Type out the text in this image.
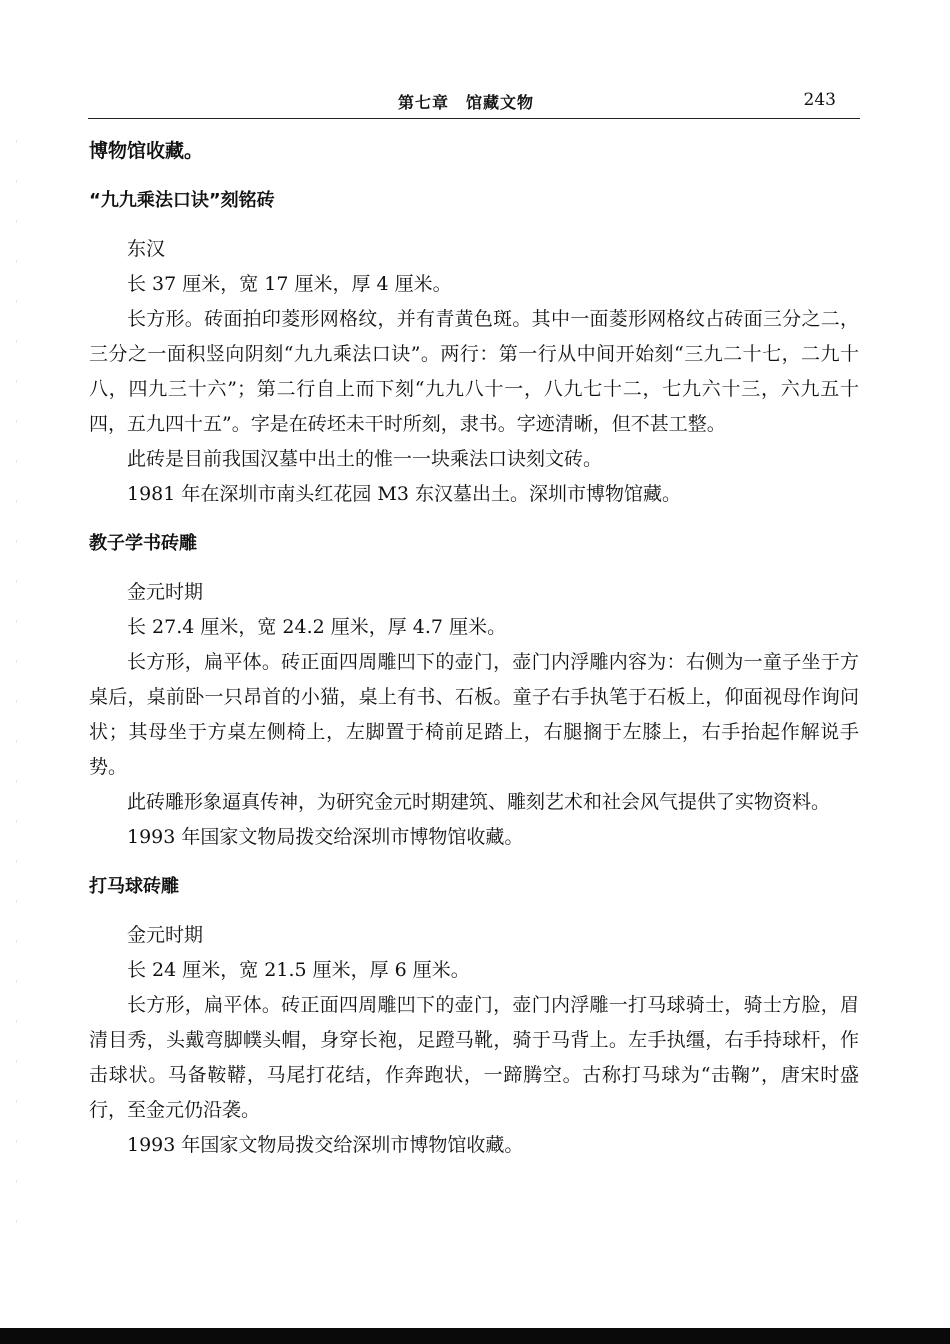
第七章　馆藏文物	243

博物馆收藏。

“九九乘法口诀”刻铭砖

东汉

长 37 厘米，宽 17 厘米，厚 4 厘米。

长方形。砖面拍印菱形网格纹，并有青黄色斑。其中一面菱形网格纹占砖面三分之二，三分之一面积竖向阴刻“九九乘法口诀”。两行：第一行从中间开始刻“三九二十七，二九十八，四九三十六”；第二行自上而下刻“九九八十一，八九七十二，七九六十三，六九五十四，五九四十五”。字是在砖坯未干时所刻，隶书。字迹清晰，但不甚工整。

此砖是目前我国汉墓中出土的惟一一块乘法口诀刻文砖。

1981 年在深圳市南头红花园 M3 东汉墓出土。深圳市博物馆藏。

教子学书砖雕

金元时期

长 27.4 厘米，宽 24.2 厘米，厚 4.7 厘米。

长方形，扁平体。砖正面四周雕凹下的壶门，壶门内浮雕内容为：右侧为一童子坐于方桌后，桌前卧一只昂首的小猫，桌上有书、石板。童子右手执笔于石板上，仰面视母作询问状；其母坐于方桌左侧椅上，左脚置于椅前足踏上，右腿搁于左膝上，右手抬起作解说手势。

此砖雕形象逼真传神，为研究金元时期建筑、雕刻艺术和社会风气提供了实物资料。

1993 年国家文物局拨交给深圳市博物馆收藏。

打马球砖雕

金元时期

长 24 厘米，宽 21.5 厘米，厚 6 厘米。

长方形，扁平体。砖正面四周雕凹下的壶门，壶门内浮雕一打马球骑士，骑士方脸，眉清目秀，头戴弯脚幞头帽，身穿长袍，足蹬马靴，骑于马背上。左手执缰，右手持球杆，作击球状。马备鞍鞯，马尾打花结，作奔跑状，一蹄腾空。古称打马球为“击鞠”，唐宋时盛行，至金元仍沿袭。

1993 年国家文物局拨交给深圳市博物馆收藏。
